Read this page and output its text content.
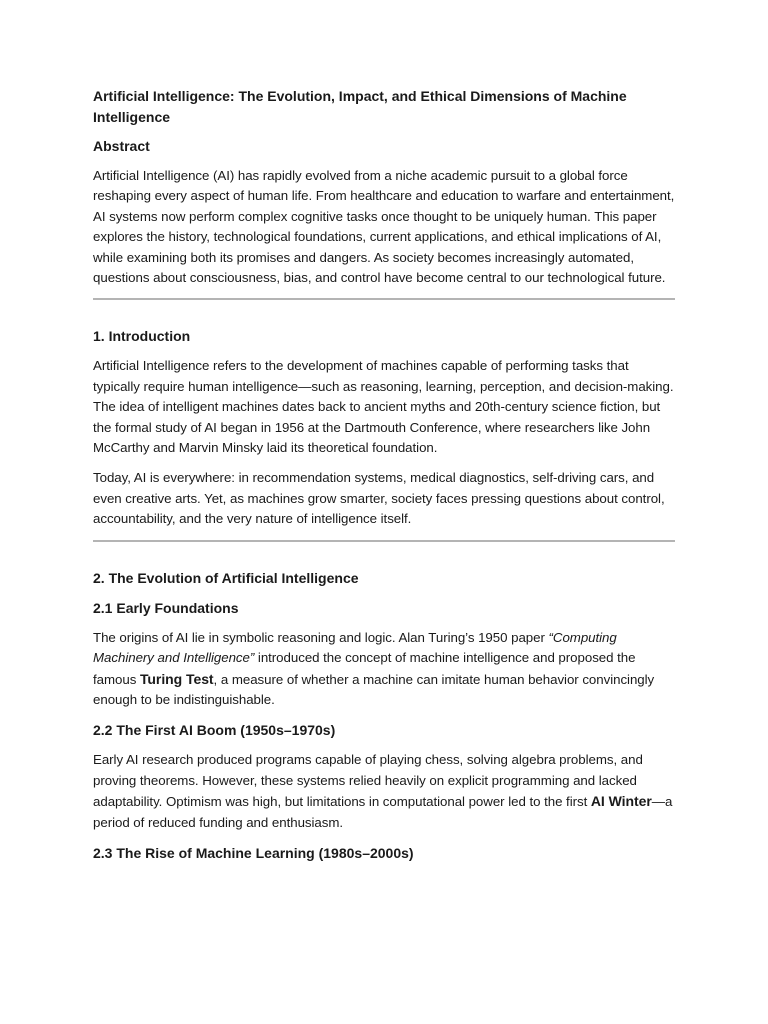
Artificial Intelligence: The Evolution, Impact, and Ethical Dimensions of Machine Intelligence
Abstract

Artificial Intelligence (AI) has rapidly evolved from a niche academic pursuit to a global force reshaping every aspect of human life. From healthcare and education to warfare and entertainment, AI systems now perform complex cognitive tasks once thought to be uniquely human. This paper explores the history, technological foundations, current applications, and ethical implications of AI, while examining both its promises and dangers. As society becomes increasingly automated, questions about consciousness, bias, and control have become central to our technological future.

1. Introduction

Artificial Intelligence refers to the development of machines capable of performing tasks that typically require human intelligence—such as reasoning, learning, perception, and decision-making. The idea of intelligent machines dates back to ancient myths and 20th-century science fiction, but the formal study of AI began in 1956 at the Dartmouth Conference, where researchers like John McCarthy and Marvin Minsky laid its theoretical foundation.

Today, AI is everywhere: in recommendation systems, medical diagnostics, self-driving cars, and even creative arts. Yet, as machines grow smarter, society faces pressing questions about control, accountability, and the very nature of intelligence itself.

2. The Evolution of Artificial Intelligence
2.1 Early Foundations

The origins of AI lie in symbolic reasoning and logic. Alan Turing’s 1950 paper “Computing Machinery and Intelligence” introduced the concept of machine intelligence and proposed the famous Turing Test, a measure of whether a machine can imitate human behavior convincingly enough to be indistinguishable.

2.2 The First AI Boom (1950s–1970s)

Early AI research produced programs capable of playing chess, solving algebra problems, and proving theorems. However, these systems relied heavily on explicit programming and lacked adaptability. Optimism was high, but limitations in computational power led to the first AI Winter—a period of reduced funding and enthusiasm.

2.3 The Rise of Machine Learning (1980s–2000s)
